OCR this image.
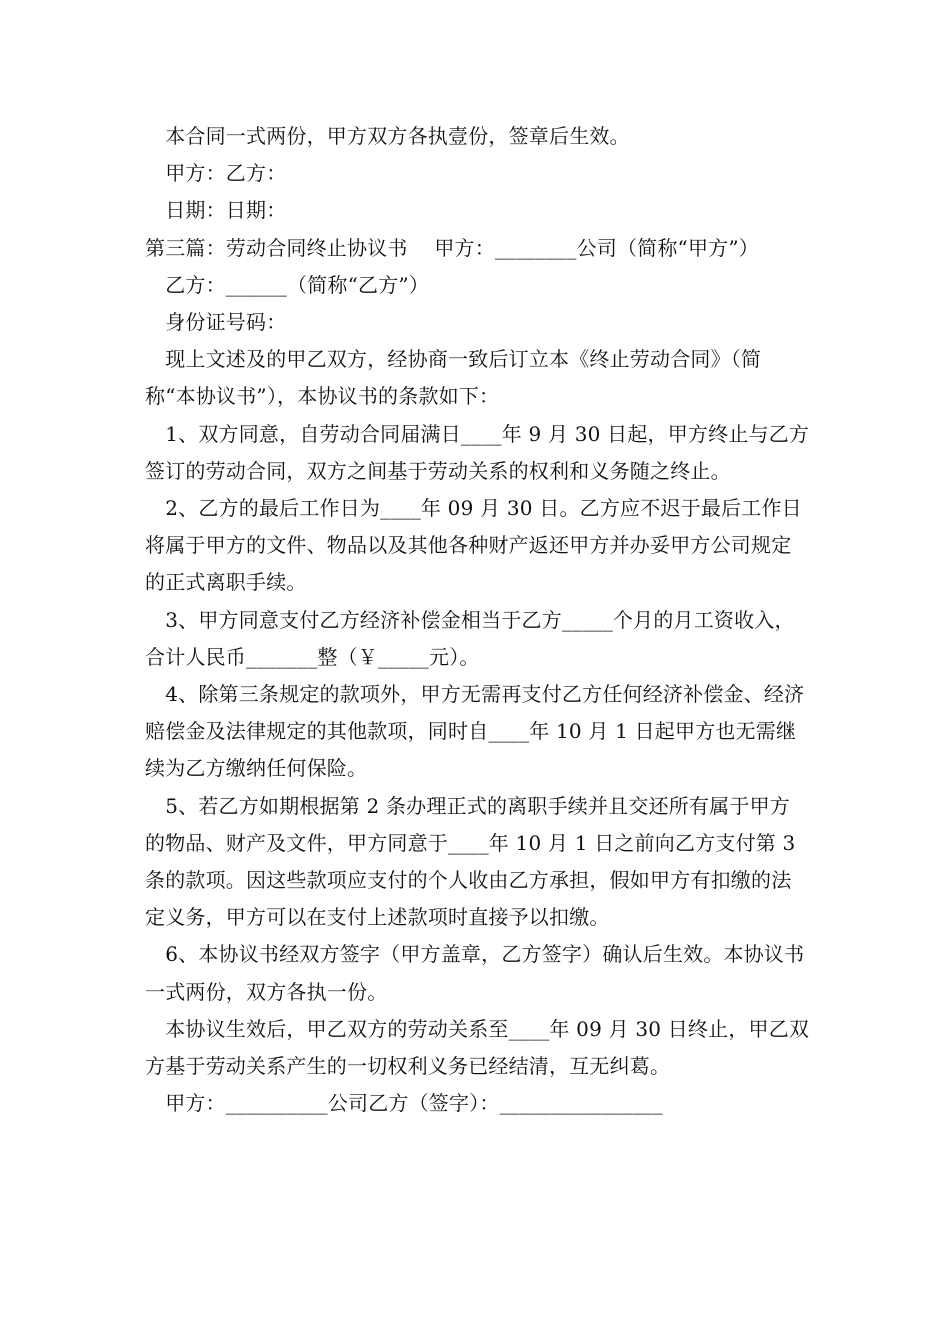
　本合同一式两份，甲方双方各执壹份，签章后生效。

　甲方：乙方：

　日期：日期：

第三篇：劳动合同终止协议书　 甲方：________公司（简称“甲方”）

　乙方：______（简称“乙方”）

　身份证号码：

　现上文述及的甲乙双方，经协商一致后订立本《终止劳动合同》（简称“本协议书”），本协议书的条款如下：

　1、双方同意，自劳动合同届满日____年 9 月 30 日起，甲方终止与乙方签订的劳动合同，双方之间基于劳动关系的权利和义务随之终止。

　2、乙方的最后工作日为____年 09 月 30 日。乙方应不迟于最后工作日将属于甲方的文件、物品以及其他各种财产返还甲方并办妥甲方公司规定的正式离职手续。

　3、甲方同意支付乙方经济补偿金相当于乙方_____个月的月工资收入，合计人民币_______整（￥_____元）。

　4、除第三条规定的款项外，甲方无需再支付乙方任何经济补偿金、经济赔偿金及法律规定的其他款项，同时自____年 10 月 1 日起甲方也无需继续为乙方缴纳任何保险。

　5、若乙方如期根据第 2 条办理正式的离职手续并且交还所有属于甲方的物品、财产及文件，甲方同意于____年 10 月 1 日之前向乙方支付第 3 条的款项。因这些款项应支付的个人收由乙方承担，假如甲方有扣缴的法定义务，甲方可以在支付上述款项时直接予以扣缴。

　6、本协议书经双方签字（甲方盖章，乙方签字）确认后生效。本协议书一式两份，双方各执一份。

　本协议生效后，甲乙双方的劳动关系至____年 09 月 30 日终止，甲乙双方基于劳动关系产生的一切权利义务已经结清，互无纠葛。

　甲方：__________公司乙方（签字）：________________
